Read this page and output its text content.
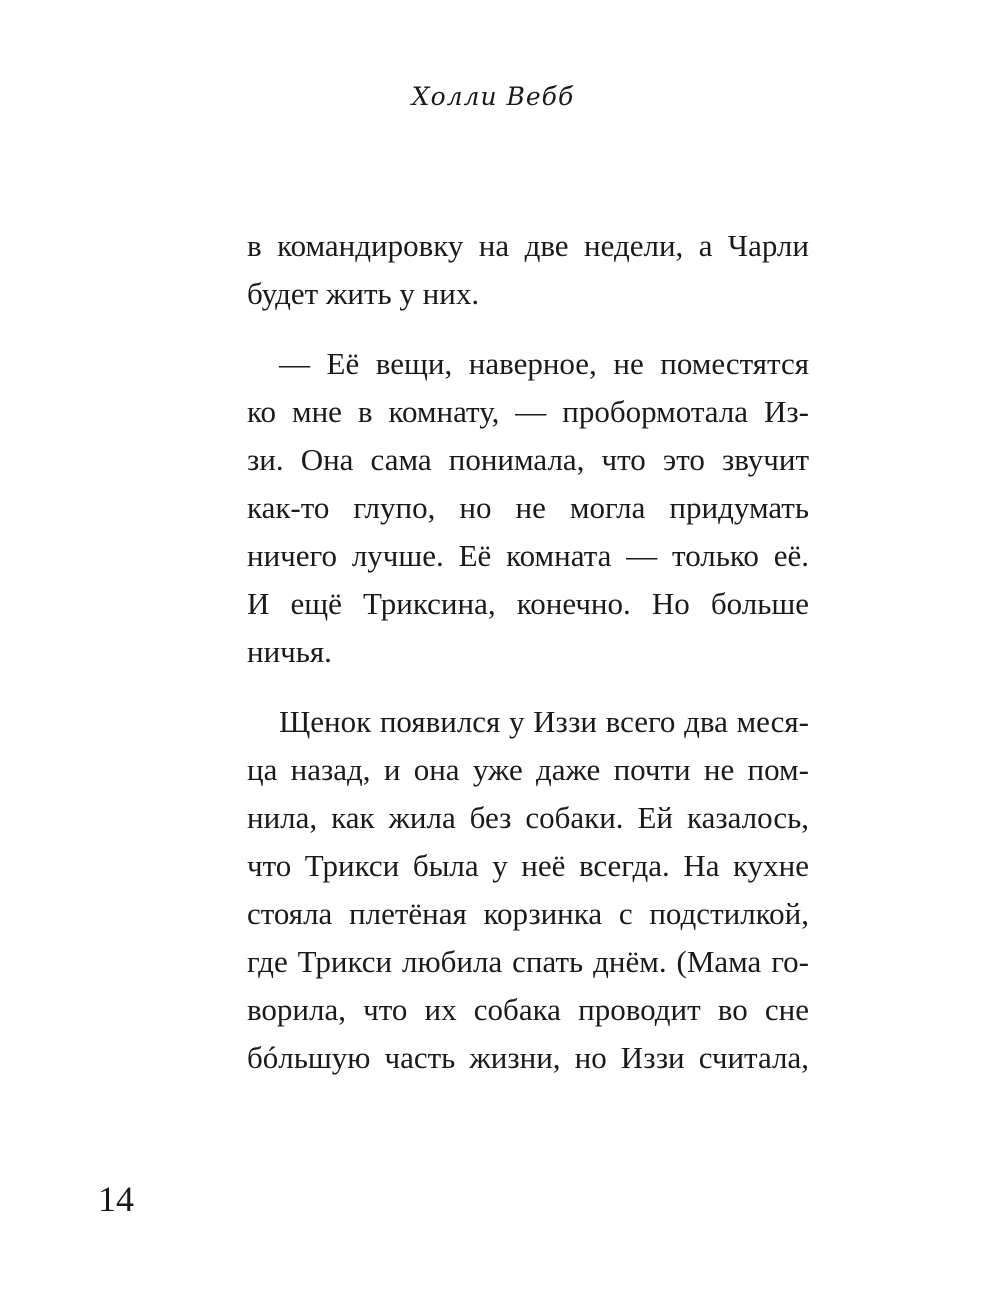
Холли Вебб

в командировку на две недели, а Чарли
будет жить у них.
— Её вещи, наверное, не поместятся
ко мне в комнату, — пробормотала Из-
зи. Она сама понимала, что это звучит
как-то глупо, но не могла придумать
ничего лучше. Её комната — только её.
И ещё Триксина, конечно. Но больше
ничья.
Щенок появился у Иззи всего два меся-
ца назад, и она уже даже почти не пом-
нила, как жила без собаки. Ей казалось,
что Трикси была у неё всегда. На кухне
стояла плетёная корзинка с подстилкой,
где Трикси любила спать днём. (Мама го-
ворила, что их собака проводит во сне
бóльшую часть жизни, но Иззи считала,

14
